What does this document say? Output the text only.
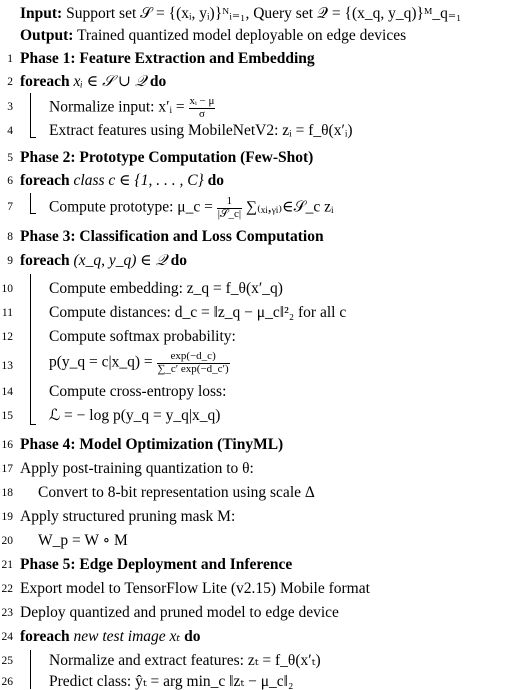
Input: Support set 𝒮 = {(xᵢ, yᵢ)}ᴺᵢ₌₁, Query set 𝒬 = {(x_q, y_q)}ᴹ_q₌₁
Output: Trained quantized model deployable on edge devices
1 Phase 1: Feature Extraction and Embedding
2 foreach xᵢ ∈ 𝒮 ∪ 𝒬 do
3 Normalize input: x′ᵢ = $\frac{\text{xᵢ − μ}}{\sigma}$
4 Extract features using MobileNetV2: zᵢ = f_θ(x′ᵢ)
5 Phase 2: Prototype Computation (Few-Shot)
6 foreach class c ∈ {1, . . . , C} do
7 Compute prototype: μ_c = $\frac{1}{\text{|𝒮\_c|}}$ ∑₍ₓᵢ,ᵧᵢ₎∈𝒮_c zᵢ
8 Phase 3: Classification and Loss Computation
9 foreach (x_q, y_q) ∈ 𝒬 do
10 Compute embedding: z_q = f_θ(x′_q)
11 Compute distances: d_c = ‖z_q − μ_c‖²₂ for all c
12 Compute softmax probability:
13 p(y_q = c|x_q) = $\frac{\exp(-d\_c)}{\sum\_c' \exp(-d\_c')}$
14 Compute cross-entropy loss:
15 ℒ = − log p(y_q = y_q|x_q)
16 Phase 4: Model Optimization (TinyML)
17 Apply post-training quantization to θ:
18 Convert to 8-bit representation using scale Δ
19 Apply structured pruning mask M:
20 W_p = W ∘ M
21 Phase 5: Edge Deployment and Inference
22 Export model to TensorFlow Lite (v2.15) Mobile format
23 Deploy quantized and pruned model to edge device
24 foreach new test image xₜ do
25 Normalize and extract features: zₜ = f_θ(x′ₜ)
26 Predict class: ŷₜ = arg min_c ‖zₜ − μ_c‖₂
